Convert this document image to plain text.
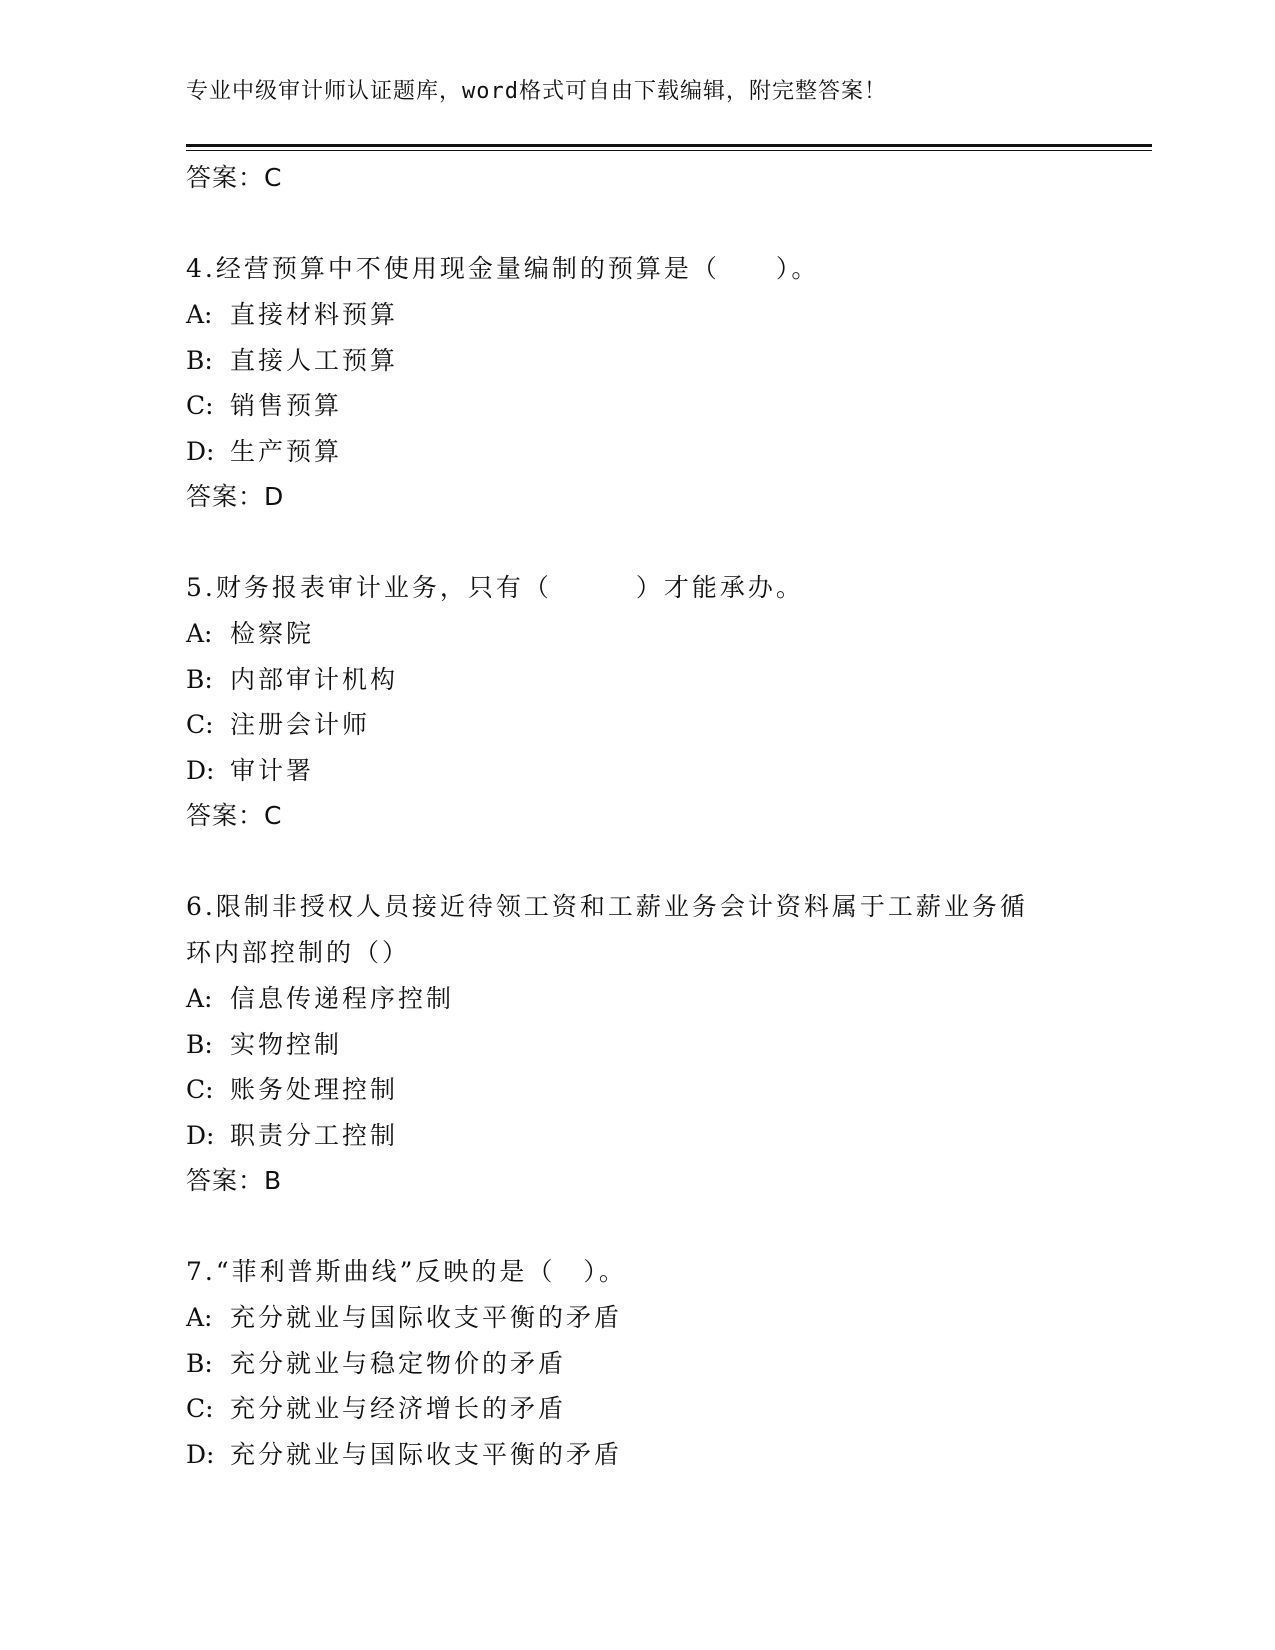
专业中级审计师认证题库，word格式可自由下载编辑，附完整答案！
答案：C
4.经营预算中不使用现金量编制的预算是（　　）。
A: 直接材料预算
B: 直接人工预算
C: 销售预算
D: 生产预算
答案：D
5.财务报表审计业务，只有（　　　）才能承办。
A: 检察院
B: 内部审计机构
C: 注册会计师
D: 审计署
答案：C
6.限制非授权人员接近待领工资和工薪业务会计资料属于工薪业务循
环内部控制的（）
A: 信息传递程序控制
B: 实物控制
C: 账务处理控制
D: 职责分工控制
答案：B
7.“菲利普斯曲线”反映的是（　）。
A: 充分就业与国际收支平衡的矛盾
B: 充分就业与稳定物价的矛盾
C: 充分就业与经济增长的矛盾
D: 充分就业与国际收支平衡的矛盾
